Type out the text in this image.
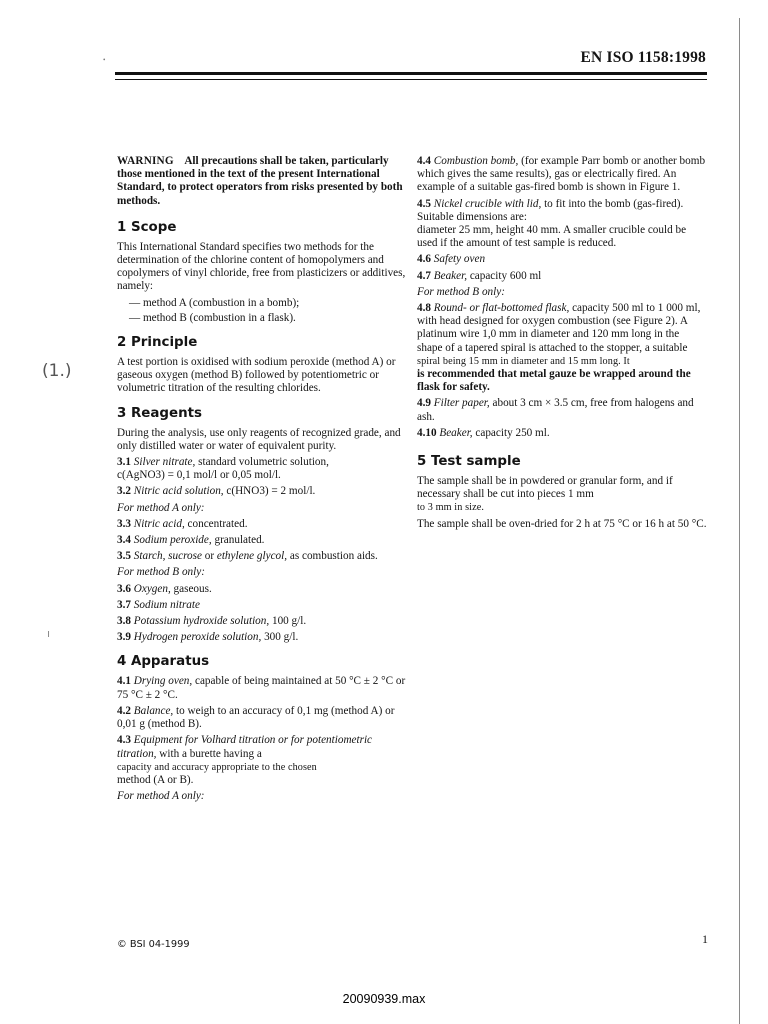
•	EN ISO 1158:1998
(1.)
ı

WARNING All precautions shall be taken, particularly those mentioned in the text of the present International Standard, to protect operators from risks presented by both methods.

1 Scope

This International Standard specifies two methods for the determination of the chlorine content of homopolymers and copolymers of vinyl chloride, free from plasticizers or additives, namely:

— method A (combustion in a bomb);

— method B (combustion in a flask).

2 Principle

A test portion is oxidised with sodium peroxide (method A) or gaseous oxygen (method B) followed by potentiometric or volumetric titration of the resulting chlorides.

3 Reagents

During the analysis, use only reagents of recognized grade, and only distilled water or water of equivalent purity.

3.1 Silver nitrate, standard volumetric solution,
c(AgNO3) = 0,1 mol/l or 0,05 mol/l.

3.2 Nitric acid solution, c(HNO3) = 2 mol/l.

For method A only:

3.3 Nitric acid, concentrated.

3.4 Sodium peroxide, granulated.

3.5 Starch, sucrose or ethylene glycol, as combustion aids.

For method B only:

3.6 Oxygen, gaseous.

3.7 Sodium nitrate

3.8 Potassium hydroxide solution, 100 g/l.

3.9 Hydrogen peroxide solution, 300 g/l.

4 Apparatus

4.1 Drying oven, capable of being maintained at 50 °C ± 2 °C or 75 °C ± 2 °C.

4.2 Balance, to weigh to an accuracy of 0,1 mg (method A) or 0,01 g (method B).

4.3 Equipment for Volhard titration or for potentiometric titration, with a burette having a
capacity and accuracy appropriate to the chosen
method (A or B).

For method A only:

4.4 Combustion bomb, (for example Parr bomb or another bomb which gives the same results), gas or electrically fired. An example of a suitable gas-fired bomb is shown in Figure 1.

4.5 Nickel crucible with lid, to fit into the bomb (gas-fired). Suitable dimensions are:
diameter 25 mm, height 40 mm. A smaller crucible could be used if the amount of test sample is reduced.

4.6 Safety oven

4.7 Beaker, capacity 600 ml

For method B only:

4.8 Round- or flat-bottomed flask, capacity 500 ml to 1 000 ml, with head designed for oxygen combustion (see Figure 2). A platinum wire 1,0 mm in diameter and 120 mm long in the shape of a tapered spiral is attached to the stopper, a suitable
spiral being 15 mm in diameter and 15 mm long. It
is recommended that metal gauze be wrapped around the flask for safety.

4.9 Filter paper, about 3 cm × 3.5 cm, free from halogens and ash.

4.10 Beaker, capacity 250 ml.

5 Test sample

The sample shall be in powdered or granular form, and if necessary shall be cut into pieces 1 mm
to 3 mm in size.

The sample shall be oven-dried for 2 h at 75 °C or 16 h at 50 °C.

© BSI 04-1999	1
20090939.max
